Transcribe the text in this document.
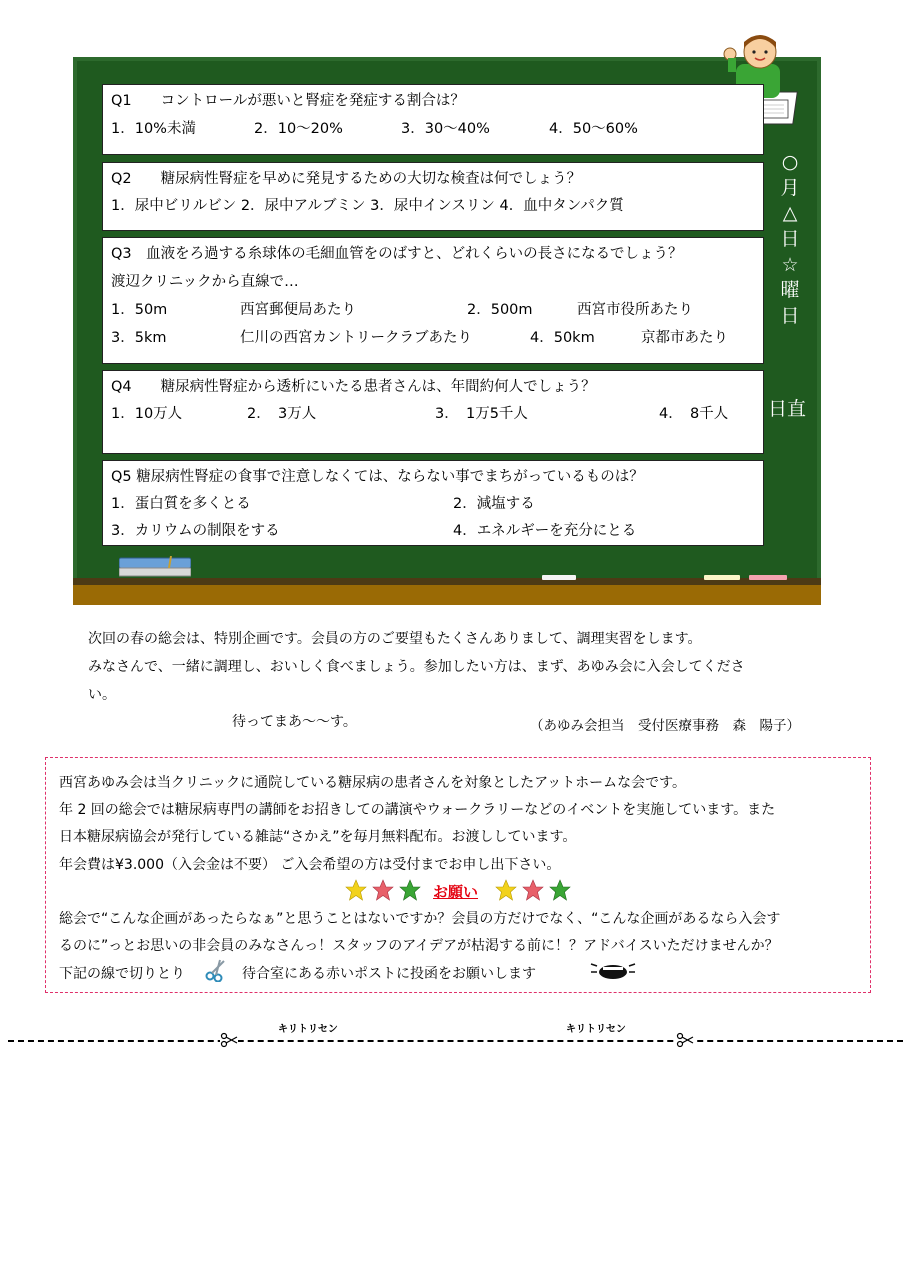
Q1　　コントロールが悪いと腎症を発症する割合は？
1．10%未満	2．10～20%	3．30～40%	4．50～60%
Q2　　糖尿病性腎症を早めに発見するための大切な検査は何でしょう？
1．尿中ビリルビン 2．尿中アルブミン 3．尿中インスリン 4．血中タンパク質
Q3　血液をろ過する糸球体の毛細血管をのばすと、どれくらいの長さになるでしょう？
渡辺クリニックから直線で…
1．50m	西宮郵便局あたり	2．500m	西宮市役所あたり
3．5km	仁川の西宮カントリークラブあたり	4．50km	京都市あたり
Q4　　糖尿病性腎症から透析にいたる患者さんは、年間約何人でしょう？
1．10万人	2．　3万人	3．　1万5千人	4．　8千人
Q5 糖尿病性腎症の食事で注意しなくては、ならない事でまちがっているものは？
1．蛋白質を多くとる	2．減塩する
3．カリウムの制限をする	4．エネルギーを充分にとる
○
月
△
日
☆
曜
日
日直
次回の春の総会は、特別企画です。会員の方のご要望もたくさんありまして、調理実習をします。
みなさんで、一緒に調理し、おいしく食べましょう。参加したい方は、まず、あゆみ会に入会してくださ
い。
待ってまあ～～す。	（あゆみ会担当　受付医療事務　森　陽子）
西宮あゆみ会は当クリニックに通院している糖尿病の患者さんを対象としたアットホームな会です。
年 2 回の総会では糖尿病専門の講師をお招きしての講演やウォークラリーなどのイベントを実施しています。また
日本糖尿病協会が発行している雑誌“さかえ”を毎月無料配布。お渡ししています。
年会費は¥3.000（入会金は不要） ご入会希望の方は受付までお申し出下さい。
総会で“こんな企画があったらなぁ”と思うことはないですか？会員の方だけでなく、“こんな企画があるなら入会す
るのに”っとお思いの非会員のみなさんっ！スタッフのアイデアが枯渇する前に！？アドバイスいただけませんか？
下記の線で切りとり	待合室にある赤いポストに投函をお願いします
お願い
キリトリセン	キリトリセン
